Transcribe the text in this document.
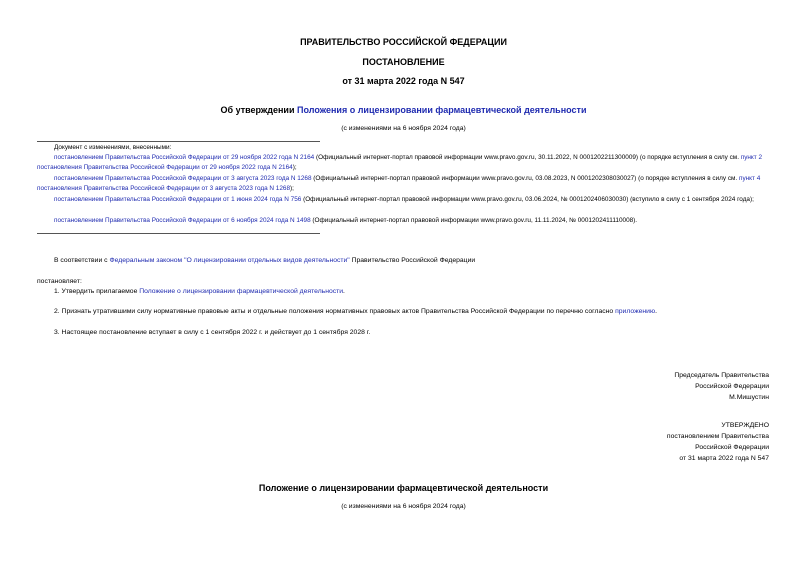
ПРАВИТЕЛЬСТВО РОССИЙСКОЙ ФЕДЕРАЦИИ
ПОСТАНОВЛЕНИЕ
от 31 марта 2022 года N 547
Об утверждении Положения о лицензировании фармацевтической деятельности
(с изменениями на 6 ноября 2024 года)
Документ с изменениями, внесенными:
постановлением Правительства Российской Федерации от 29 ноября 2022 года N 2164 (Официальный интернет-портал правовой информации www.pravo.gov.ru, 30.11.2022, N 0001202211300009) (о порядке вступления в силу см. пункт 2 постановления Правительства Российской Федерации от 29 ноября 2022 года N 2164);
постановлением Правительства Российской Федерации от 3 августа 2023 года N 1268 (Официальный интернет-портал правовой информации www.pravo.gov.ru, 03.08.2023, N 0001202308030027) (о порядке вступления в силу см. пункт 4 постановления Правительства Российской Федерации от 3 августа 2023 года N 1268);
постановлением Правительства Российской Федерации от 1 июня 2024 года N 756 (Официальный интернет-портал правовой информации www.pravo.gov.ru, 03.06.2024, № 0001202406030030) (вступило в силу с 1 сентября 2024 года);
постановлением Правительства Российской Федерации от 6 ноября 2024 года N 1498 (Официальный интернет-портал правовой информации www.pravo.gov.ru, 11.11.2024, № 0001202411110008).
В соответствии с Федеральным законом "О лицензировании отдельных видов деятельности" Правительство Российской Федерации
постановляет:
1. Утвердить прилагаемое Положение о лицензировании фармацевтической деятельности.
2. Признать утратившими силу нормативные правовые акты и отдельные положения нормативных правовых актов Правительства Российской Федерации по перечню согласно приложению.
3. Настоящее постановление вступает в силу с 1 сентября 2022 г. и действует до 1 сентября 2028 г.
Председатель Правительства
Российской Федерации
М.Мишустин
УТВЕРЖДЕНО
постановлением Правительства
Российской Федерации
от 31 марта 2022 года N 547
Положение о лицензировании фармацевтической деятельности
(с изменениями на 6 ноября 2024 года)
